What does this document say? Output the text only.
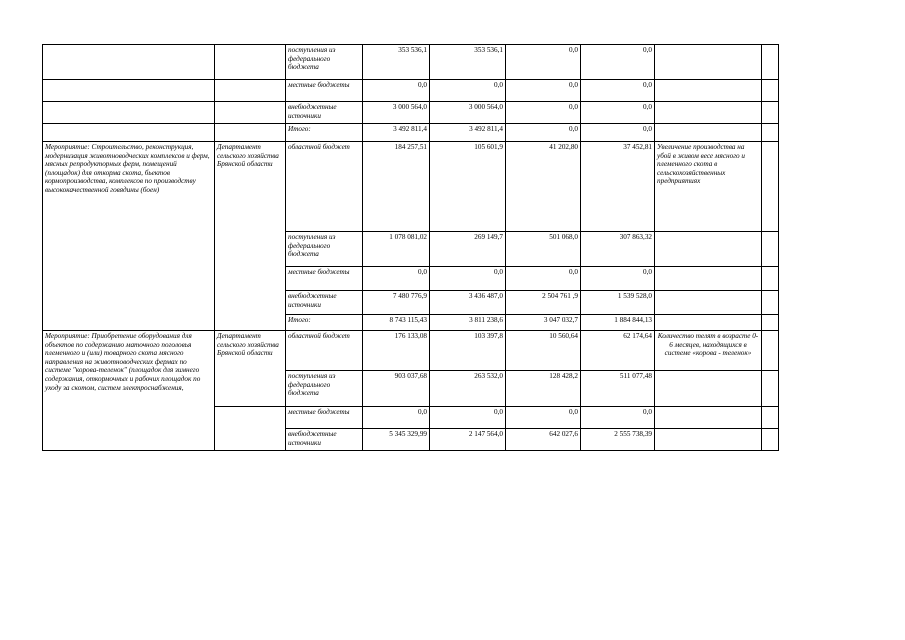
		поступления из федерального бюджета	353 536,1	353 536,1	0,0	0,0		
		местные бюджеты	0,0	0,0	0,0	0,0		
		внебюджетные источники	3 000 564,0	3 000 564,0	0,0	0,0		
		Итого:	3 492 811,4	3 492 811,4	0,0	0,0		
Мероприятие: Строительство, реконструкция, модернизация животноводческих комплексов и ферм, мясных репродукторных ферм, помещений (площадок) для откорма скота, бьектов кормопроизводства, комплексов по производству высококачественной говядины (боен)	Департамент сельского хозяйства Брянской области	областной бюджет	184 257,51	105 601,9	41 202,80	37 452,81	Увеличение производства на убой в живом весе мясного и племенного скота в сельскохозяйственных предприятиях	
		поступления из федерального бюджета	1 078 081,02	269 149,7	501 068,0	307 863,32		
		местные бюджеты	0,0	0,0	0,0	0,0		
		внебюджетные источники	7 480 776,9	3 436 487,0	2 504 761 ,9	1 539 528,0		
		Итого:	8 743 115,43	3 811 238,6	3 047 032,7	1 884 844,13		
Мероприятие: Приобретение оборудования для объектов по содержанию маточного поголовья племенного и (или) товарного скота мясного направления на животноводческих фермах по системе "корова-теленок" (площадок для зимнего содержания, откормочных и рабочих площадок по уходу за скотом, систем электроснабжения,	Департамент сельского хозяйства Брянской области	областной бюджет	176 133,08	103 397,8	10 560,64	62 174,64	Количество телят в возрасте 0-6 месяцев, находящихся в системе «корова - теленок»	
		поступления из федерального бюджета	903 037,68	263 532,0	128 428,2	511 077,48		
		местные бюджеты	0,0	0,0	0,0	0,0		
		внебюджетные источники	5 345 329,99	2 147 564,0	642 027,6	2 555 738,39		
